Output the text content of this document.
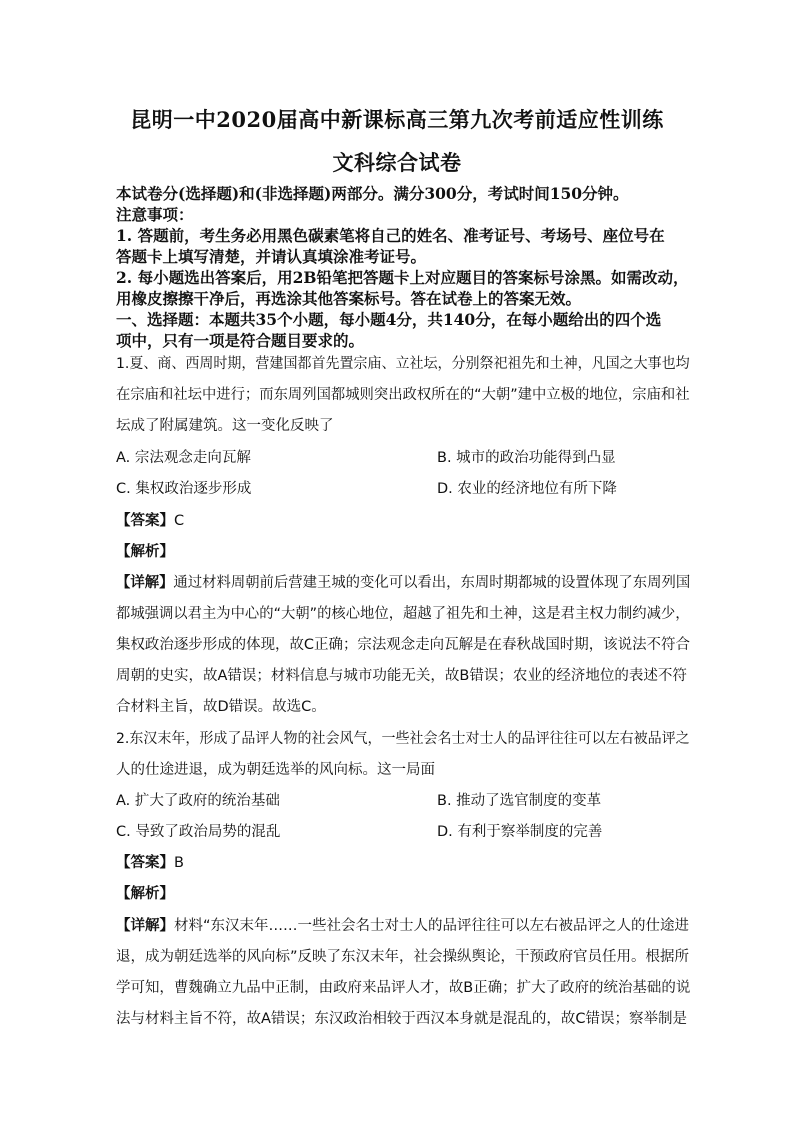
昆明一中2020届高中新课标高三第九次考前适应性训练
文科综合试卷
本试卷分(选择题)和(非选择题)两部分。满分300分，考试时间150分钟。
注意事项：
1. 答题前，考生务必用黑色碳素笔将自己的姓名、准考证号、考场号、座位号在
答题卡上填写清楚，并请认真填涂准考证号。
2. 每小题选出答案后，用2B铅笔把答题卡上对应题目的答案标号涂黑。如需改动，
用橡皮擦擦干净后，再选涂其他答案标号。答在试卷上的答案无效。
一、选择题：本题共35个小题，每小题4分，共140分，在每小题给出的四个选
项中，只有一项是符合题目要求的。
1.夏、商、西周时期，营建国都首先置宗庙、立社坛，分别祭祀祖先和土神，凡国之大事也均
在宗庙和社坛中进行；而东周列国都城则突出政权所在的“大朝”建中立极的地位，宗庙和社
坛成了附属建筑。这一变化反映了
A. 宗法观念走向瓦解	B. 城市的政治功能得到凸显
C. 集权政治逐步形成	D. 农业的经济地位有所下降
【答案】C
【解析】
【详解】通过材料周朝前后营建王城的变化可以看出，东周时期都城的设置体现了东周列国
都城强调以君主为中心的“大朝”的核心地位，超越了祖先和土神，这是君主权力制约减少，
集权政治逐步形成的体现，故C正确；宗法观念走向瓦解是在春秋战国时期，该说法不符合
周朝的史实，故A错误；材料信息与城市功能无关，故B错误；农业的经济地位的表述不符
合材料主旨，故D错误。故选C。
2.东汉末年，形成了品评人物的社会风气，一些社会名士对士人的品评往往可以左右被品评之
人的仕途进退，成为朝廷选举的风向标。这一局面
A. 扩大了政府的统治基础	B. 推动了选官制度的变革
C. 导致了政治局势的混乱	D. 有利于察举制度的完善
【答案】B
【解析】
【详解】材料“东汉末年……一些社会名士对士人的品评往往可以左右被品评之人的仕途进
退，成为朝廷选举的风向标”反映了东汉末年，社会操纵舆论，干预政府官员任用。根据所
学可知，曹魏确立九品中正制，由政府来品评人才，故B正确；扩大了政府的统治基础的说
法与材料主旨不符，故A错误；东汉政治相较于西汉本身就是混乱的，故C错误；察举制是
